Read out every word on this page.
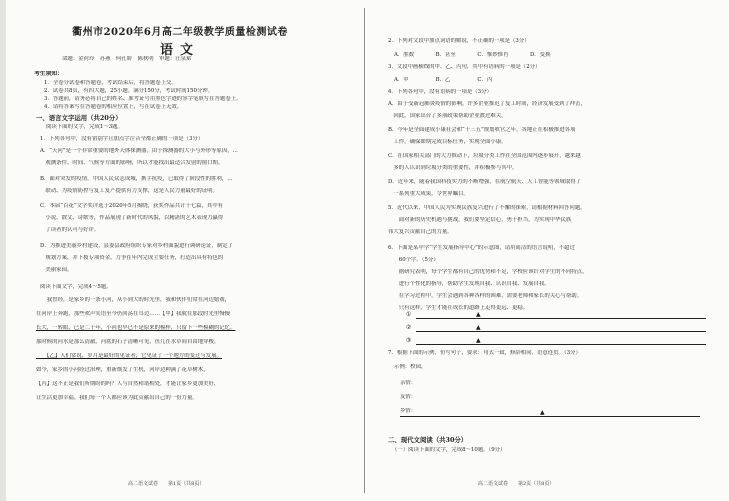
衢州市2020年6月高二年级教学质量检测试卷
语文
命题：金荷玲　苏燕　何孔娇　陈秋明　审题：汪泉斌
考生须知：
1．全卷分试卷和答题卷，考试结束后，将答题卷上交。
2．试卷共8页，有四大题，25小题。满分150分，考试时间150分钟。
3．答题前，请务必将自己的姓名、准考证号用黑色字迹的签字笔填写在答题卷上。
4．请将答案写在答题卷的相应位置上，写在试卷上无效。
一、语言文字运用（共20分）
阅读下面的文字，完成1～3题。
1．下列各句中，没有错别字且加点字注音全都正确的一项是（3分）
A．“天问”是一个非常重要的地外天体探测器，由于探测器的大小与外形等原因，...
　观测条件、时间、气候等方面的影响，所以才能找出最适合发射的窗口期。
B．面对突发的疫情，中国人民众志成城，携手抗疫，已取得了阶段性的胜利，...
　联动、为疫情防控与复工复产提供有力支撑，这是人民力量最好的证明。
C．本届“百花”文学奖评选于2020年5月揭晓，获奖作品共计十七篇，其中有
　小说、散文、诗歌等，作品展现了新时代的风貌，以精湛的艺术表现力赢得
　了读者的认可与好评。
D．为推进美丽乡村建设，县委县政府组织专家对乡村面貌进行调研论证，制定了
　规划方案，并下拨专项资金，力争在年内完成主要任务，打造出具有特色的
　美丽家园。
阅读下面文字，完成4～5题。
　　我曾经，是家乡的一条小河，从小到大的时光里，我和伙伴们常在河边嬉戏，
在河岸上奔跑，那些欢声笑语至今仍回荡在耳边……【甲】我就在那段时光里慢慢
长大，一转眼，已是二十年，小河也早已不是原来的模样，只留下一些模糊的记忆。
那时候的河水是那么清澈，河底的石子清晰可见，鱼儿在水草间自由地穿梭。
　　【乙】人们常说，岁月是最好的见证者，它见证了一个地方的变迁与发展。
如今，家乡的小河经过治理，重新焕发了生机，河岸边种满了花草树木，
【丙】这不正是我们所期盼的吗？人与自然和谐相处，才能让家乡更加美好，
让生活更加幸福。我们每一个人都应该为此贡献出自己的一份力量。
高二语文试卷　　第1页（共8页）
2．下列对文段中加点词语的解说，不正确的一项是（3分）
A．胜数　　　　B．甚至　　　　C．惟妙惟肖　　　　D．变换
3．文段中画横线的甲、乙、丙句，其中有语病的一项是（2分）
A．甲　　　　　B．乙　　　　　C．丙
4．下列各句中，没有语病的一项是（3分）
A．由于受新冠肺炎疫情的影响，许多企业推迟了复工时间，经济发展受到了冲击，
　因此，国家出台了多项政策帮助企业渡过难关。
B．今年是全面建成小康社会和“十三五”规划收官之年，各地正在积极推进各项
　工作，确保如期完成目标任务，实现全面小康。
C．在国家相关部门的大力推动下，垃圾分类工作在全国范围内逐步展开，越来越
　多的人认识到垃圾分类的重要性，并积极参与其中。
D．近年来，随着我国科技实力的不断增强，在航空航天、人工智能等领域取得了
　一系列重大成果，令世界瞩目。
5．近代以来，中国人民为实现民族复兴进行了不懈的探索，请根据材料回答问题。
　　面对新的历史机遇与挑战，我们要坚定信心，勇于担当，为实现中华民族
伟大复兴贡献自己的力量。
6．下面是某中学“学生发展指导中心”的示意图，请用简洁的语言说明，不超过
　　60个字。（5分）
　　据研究表明，每个学生都有自己的优势和不足，学校应该针对学生的不同特点，
　　进行个性化的指导，帮助学生发现自我、认识自我、发展自我。
　　在学习过程中，学生会遇到各种各样的困难，需要老师和家长的关心与帮助。
　　只有这样，学生才能在成长的道路上走得更远、更稳。
①	▲
②	▲
③	▲
7．根据下面的示例，仿写句子，要求：句式一致，修辞相同，语意连贯。（3分）
示例：校园，
亲情：
友情：
乡情：	▲
二、现代文阅读（共30分）
（一）阅读下面的文字，完成8～10题。（9分）
高二语文试卷　　第2页（共8页）
